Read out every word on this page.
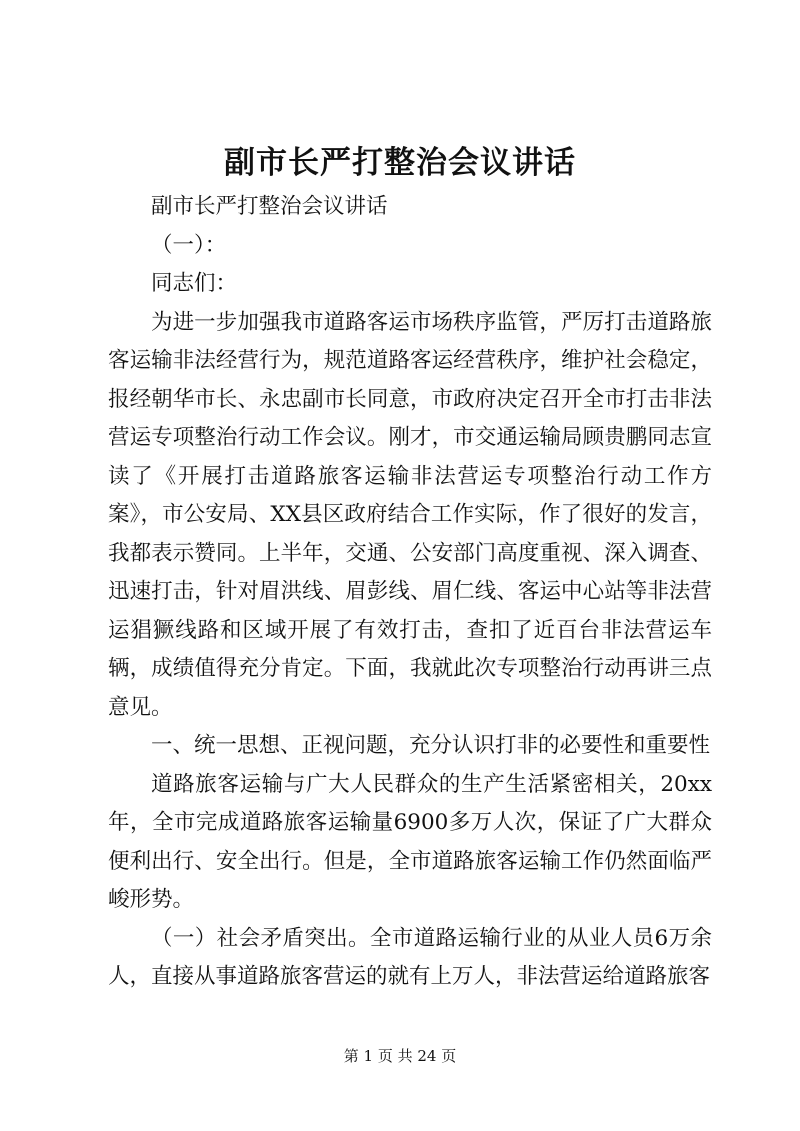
副市长严打整治会议讲话

副市长严打整治会议讲话

（一）：

同志们：

为进一步加强我市道路客运市场秩序监管，严厉打击道路旅客运输非法经营行为，规范道路客运经营秩序，维护社会稳定，报经朝华市长、永忠副市长同意，市政府决定召开全市打击非法营运专项整治行动工作会议。刚才，市交通运输局顾贵鹏同志宣读了《开展打击道路旅客运输非法营运专项整治行动工作方案》，市公安局、XX县区政府结合工作实际，作了很好的发言，我都表示赞同。上半年，交通、公安部门高度重视、深入调查、迅速打击，针对眉洪线、眉彭线、眉仁线、客运中心站等非法营运猖獗线路和区域开展了有效打击，查扣了近百台非法营运车辆，成绩值得充分肯定。下面，我就此次专项整治行动再讲三点意见。

一、统一思想、正视问题，充分认识打非的必要性和重要性

道路旅客运输与广大人民群众的生产生活紧密相关，20xx年，全市完成道路旅客运输量6900多万人次，保证了广大群众便利出行、安全出行。但是，全市道路旅客运输工作仍然面临严峻形势。

（一）社会矛盾突出。全市道路运输行业的从业人员6万余人，直接从事道路旅客营运的就有上万人，非法营运给道路旅客

第 1 页 共 24 页
